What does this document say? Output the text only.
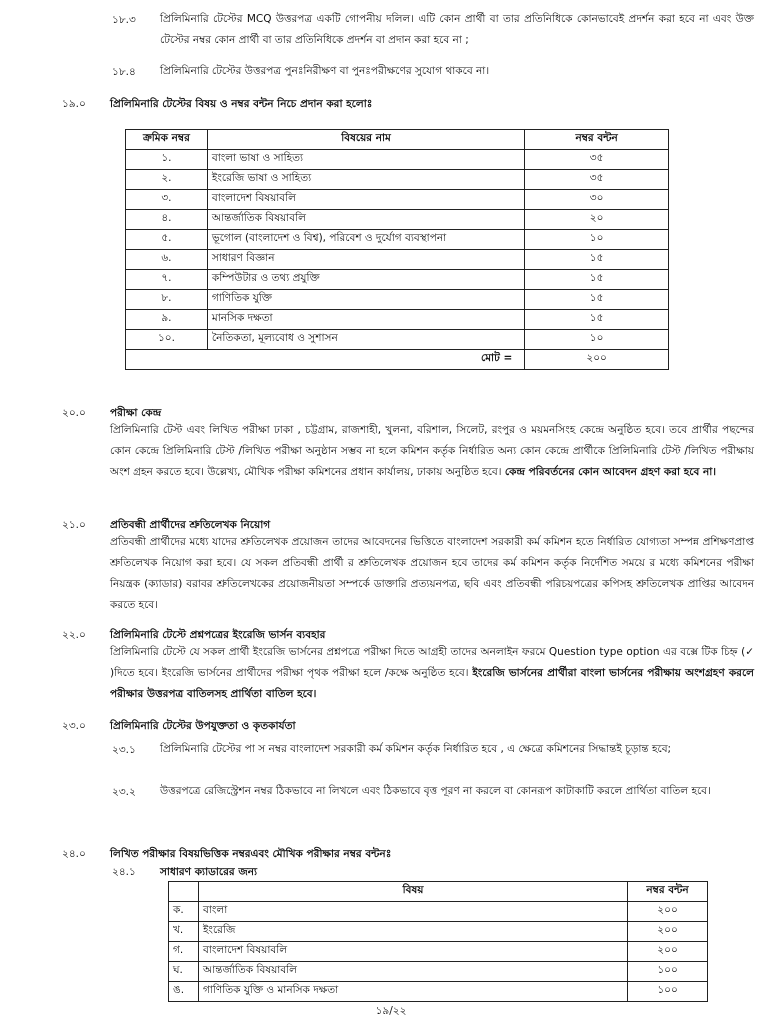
১৮.৩ প্রিলিমিনারি টেস্টের MCQ উত্তরপত্র একটি গোপনীয় দলিল। এটি কোন প্রার্থী বা তার প্রতিনিধিকে কোনভাবেই প্রদর্শন করা হবে না এবং উক্ত টেস্টের নম্বর কোন প্রার্থী বা তার প্রতিনিধিকে প্রদর্শন বা প্রদান করা হবে না ;
১৮.৪ প্রিলিমিনারি টেস্টের উত্তরপত্র পুনঃনিরীক্ষণ বা পুনঃপরীক্ষণের সুযোগ থাকবে না।
১৯.০ প্রিলিমিনারি টেস্টের বিষয় ও নম্বর বন্টন নিচে প্রদান করা হলোঃ
ক্রমিক নম্বর	বিষয়ের নাম	নম্বর বন্টন
১.	বাংলা ভাষা ও সাহিত্য	৩৫
২.	ইংরেজি ভাষা ও সাহিত্য	৩৫
৩.	বাংলাদেশ বিষয়াবলি	৩০
৪.	আন্তর্জাতিক বিষয়াবলি	২০
৫.	ভূগোল (বাংলাদেশ ও বিশ্ব), পরিবেশ ও দুর্যোগ ব্যবস্থাপনা	১০
৬.	সাধারণ বিজ্ঞান	১৫
৭.	কম্পিউটার ও তথ্য প্রযুক্তি	১৫
৮.	গাণিতিক যুক্তি	১৫
৯.	মানসিক দক্ষতা	১৫
১০.	নৈতিকতা, মূল্যবোধ ও সুশাসন	১০
মোট =		২০০
২০.০ পরীক্ষা কেন্দ্র
প্রিলিমিনারি টেস্ট এবং লিখিত পরীক্ষা ঢাকা , চট্টগ্রাম, রাজশাহী, খুলনা, বরিশাল, সিলেট, রংপুর ও ময়মনসিংহ কেন্দ্রে অনুষ্ঠিত হবে। তবে প্রার্থীর পছন্দের কোন কেন্দ্রে প্রিলিমিনারি টেস্ট /লিখিত পরীক্ষা অনুষ্ঠান সম্ভব না হলে কমিশন কর্তৃক নির্ধারিত অন্য কোন কেন্দ্রে প্রার্থীকে প্রিলিমিনারি টেস্ট /লিখিত পরীক্ষায় অংশ গ্রহন করতে হবে। উল্লেখ্য, মৌখিক পরীক্ষা কমিশনের প্রধান কার্যালয়, ঢাকায় অনুষ্ঠিত হবে। কেন্দ্র পরিবর্তনের কোন আবেদন গ্রহণ করা হবে না।
২১.০ প্রতিবন্ধী প্রার্থীদের শ্রুতিলেখক নিয়োগ
প্রতিবন্ধী প্রার্থীদের মধ্যে যাদের শ্রুতিলেখক প্রয়োজন তাদের আবেদনের ভিত্তিতে বাংলাদেশ সরকারী কর্ম কমিশন হতে নির্ধারিত যোগ্যতা সম্পন্ন প্রশিক্ষণপ্রাপ্ত শ্রুতিলেখক নিয়োগ করা হবে। যে সকল প্রতিবন্ধী প্রার্থী র শ্রুতিলেখক প্রয়োজন হবে তাদের কর্ম কমিশন কর্তৃক নির্দেশিত সময়ে র মধ্যে কমিশনের পরীক্ষা নিয়ন্ত্রক (ক্যাডার) বরাবর শ্রুতিলেখকের প্রয়োজনীয়তা সম্পর্কে ডাক্তারি প্রত্যয়নপত্র, ছবি এবং প্রতিবন্ধী পরিচয়পত্রের কপিসহ শ্রুতিলেখক প্রাপ্তির আবেদন করতে হবে।
২২.০ প্রিলিমিনারি টেস্টে প্রশ্নপত্রের ইংরেজি ভার্সন ব্যবহার
প্রিলিমিনারি টেস্টে যে সকল প্রার্থী ইংরেজি ভার্সনের প্রশ্নপত্রে পরীক্ষা দিতে আগ্রহী তাদের অনলাইন ফরমে Question type option এর বক্সে টিক চিহ্ন (✓)দিতে হবে। ইংরেজি ভার্সনের প্রার্থীদের পরীক্ষা পৃথক পরীক্ষা হলে /কক্ষে অনুষ্ঠিত হবে। ইংরেজি ভার্সনের প্রার্থীরা বাংলা ভার্সনের পরীক্ষায় অংশগ্রহণ করলে পরীক্ষার উত্তরপত্র বাতিলসহ প্রার্থিতা বাতিল হবে।
২৩.০ প্রিলিমিনারি টেস্টের উপযুক্ততা ও কৃতকার্যতা
২৩.১ প্রিলিমিনারি টেস্টের পা স নম্বর বাংলাদেশ সরকারী কর্ম কমিশন কর্তৃক নির্ধারিত হবে , এ ক্ষেত্রে কমিশনের সিদ্ধান্তই চূড়ান্ত হবে;
২৩.২ উত্তরপত্রে রেজিস্ট্রেশন নম্বর ঠিকভাবে না লিখলে এবং ঠিকভাবে বৃত্ত পূরণ না করলে বা কোনরূপ কাটাকাটি করলে প্রার্থিতা বাতিল হবে।
২৪.০ লিখিত পরীক্ষার বিষয়ভিত্তিক নম্বরএবং মৌখিক পরীক্ষার নম্বর বন্টনঃ
২৪.১ সাধারণ ক্যাডারের জন্য
	বিষয়	নম্বর বন্টন
ক.	বাংলা	২০০
খ.	ইংরেজি	২০০
গ.	বাংলাদেশ বিষয়াবলি	২০০
ঘ.	আন্তর্জাতিক বিষয়াবলি	১০০
ঙ.	গাণিতিক যুক্তি ও মানসিক দক্ষতা	১০০
১৯/২২
